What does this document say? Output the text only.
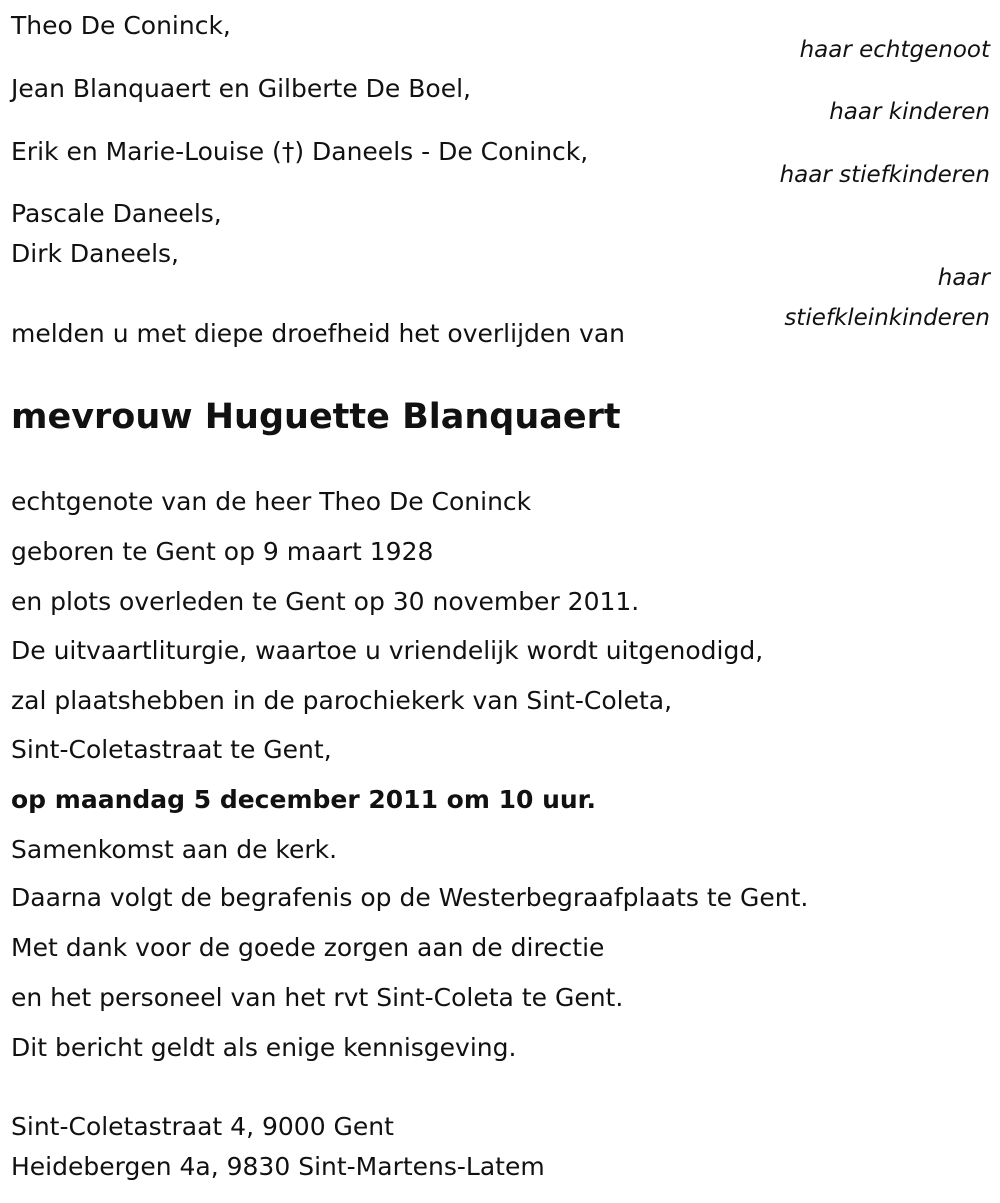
Theo De Coninck,
haar echtgenoot
Jean Blanquaert en Gilberte De Boel,
haar kinderen
Erik en Marie-Louise (†) Daneels - De Coninck,
haar stiefkinderen
Pascale Daneels,
Dirk Daneels,
haar
stiefkleinkinderen
melden u met diepe droefheid het overlijden van
mevrouw Huguette Blanquaert
echtgenote van de heer Theo De Coninck
geboren te Gent op 9 maart 1928
en plots overleden te Gent op 30 november 2011.
De uitvaartliturgie, waartoe u vriendelijk wordt uitgenodigd,
zal plaatshebben in de parochiekerk van Sint-Coleta,
Sint-Coletastraat te Gent,
op maandag 5 december 2011 om 10 uur.
Samenkomst aan de kerk.
Daarna volgt de begrafenis op de Westerbegraafplaats te Gent.
Met dank voor de goede zorgen aan de directie
en het personeel van het rvt Sint-Coleta te Gent.
Dit bericht geldt als enige kennisgeving.
Sint-Coletastraat 4, 9000 Gent
Heidebergen 4a, 9830 Sint-Martens-Latem
